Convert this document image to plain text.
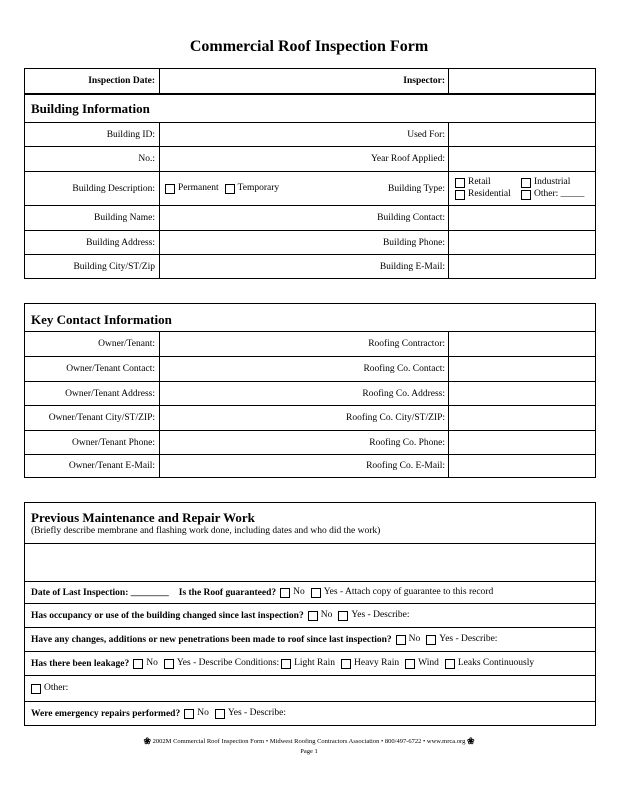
Commercial Roof Inspection Form
Inspection Date:	Inspector:
Building Information
Building ID:	Used For:
No.:	Year Roof Applied:
Building Description: Permanent Temporary	Building Type:
Retail	Industrial
Residential Other: _____
Building Name:	Building Contact:
Building Address:	Building Phone:
Building City/ST/Zip	Building E-Mail:
Key Contact Information
Owner/Tenant:	Roofing Contractor:
Owner/Tenant Contact:	Roofing Co. Contact:
Owner/Tenant Address:	Roofing Co. Address:
Owner/Tenant City/ST/ZIP:	Roofing Co. City/ST/ZIP:
Owner/Tenant Phone:	Roofing Co. Phone:
Owner/Tenant E-Mail:	Roofing Co. E-Mail:
Previous Maintenance and Repair Work
(Briefly describe membrane and flashing work done, including dates and who did the work)
Date of Last Inspection: ________ Is the Roof guaranteed? No Yes - Attach copy of guarantee to this record
Has occupancy or use of the building changed since last inspection? No Yes - Describe:
Have any changes, additions or new penetrations been made to roof since last inspection? No Yes - Describe:
Has there been leakage? No Yes - Describe Conditions: Light Rain Heavy Rain Wind Leaks Continuously
Other:
Were emergency repairs performed? No Yes - Describe:
❀ 2002M Commercial Roof Inspection Form • Midwest Roofing Contractors Association • 800/497-6722 • www.mrca.org ❀
Page 1
